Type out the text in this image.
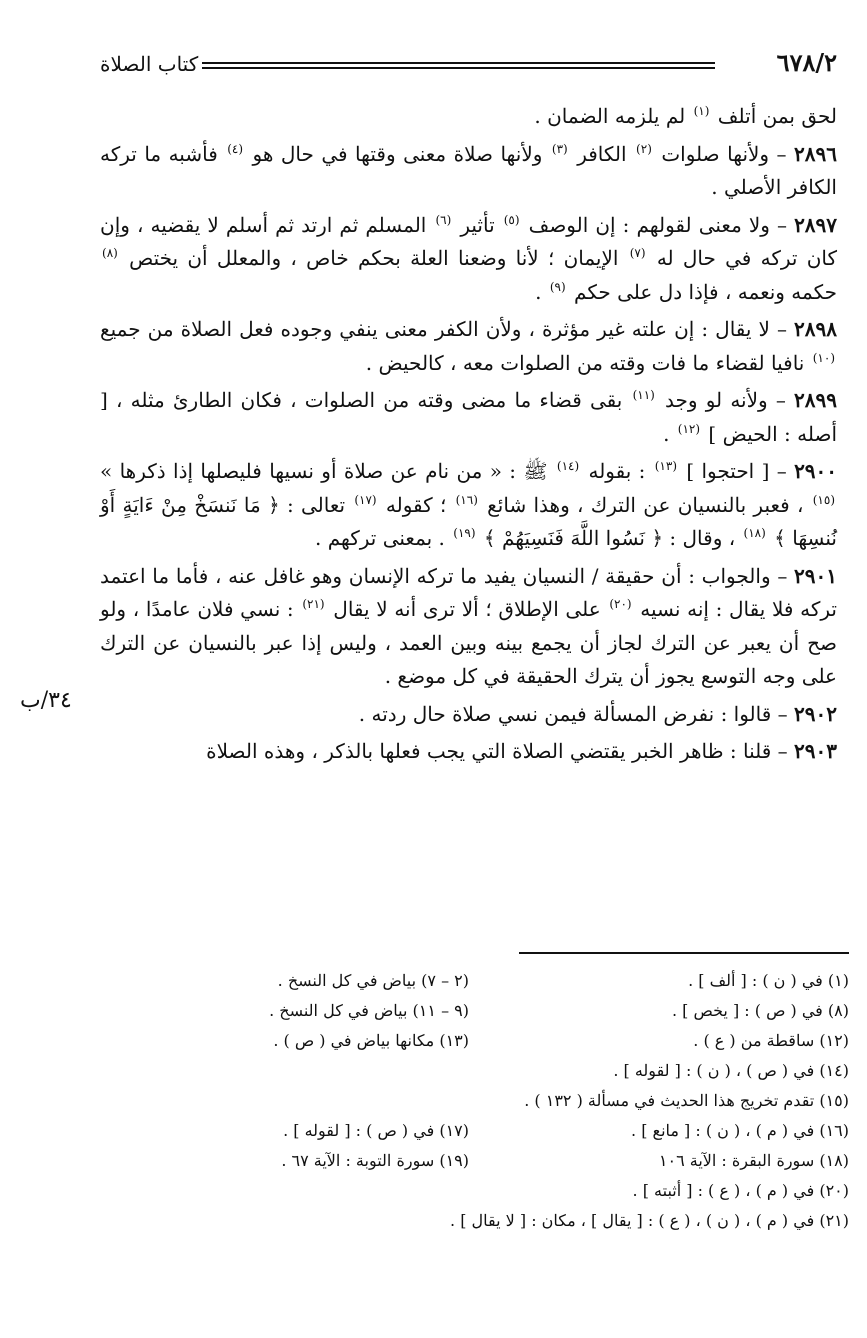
٦٧٨/٢
كتاب الصلاة
٣٤/ب

لحق بمن أتلف $^{(١)}$ لم يلزمه الضمان .

٢٨٩٦ – ولأنها صلوات $^{(٢)}$ الكافر $^{(٣)}$ ولأنها صلاة معنى وقتها في حال هو $^{(٤)}$ فأشبه ما تركه الكافر الأصلي .

٢٨٩٧ – ولا معنى لقولهم : إن الوصف $^{(٥)}$ تأثير $^{(٦)}$ المسلم ثم ارتد ثم أسلم لا يقضيه ، وإن كان تركه في حال له $^{(٧)}$ الإيمان ؛ لأنا وضعنا العلة بحكم خاص ، والمعلل أن يختص $^{(٨)}$ حكمه ونعمه ، فإذا دل على حكم $^{(٩)}$ .

٢٨٩٨ – لا يقال : إن علته غير مؤثرة ، ولأن الكفر معنى ينفي وجوده فعل الصلاة من جميع $^{(١٠)}$ نافيا لقضاء ما فات وقته من الصلوات معه ، كالحيض .

٢٨٩٩ – ولأنه لو وجد $^{(١١)}$ بقى قضاء ما مضى وقته من الصلوات ، فكان الطارئ مثله ، [ أصله : الحيض ] $^{(١٢)}$ .

٢٩٠٠ – [ احتجوا ] $^{(١٣)}$ : بقوله $^{(١٤)}$ ﷺ : « من نام عن صلاة أو نسيها فليصلها إذا ذكرها » $^{(١٥)}$ ، فعبر بالنسيان عن الترك ، وهذا شائع $^{(١٦)}$ ؛ كقوله $^{(١٧)}$ تعالى : ﴿ مَا نَنسَخْ مِنْ ءَايَةٍ أَوْ نُنسِهَا ﴾ $^{(١٨)}$ ، وقال : ﴿ نَسُوا اللَّهَ فَنَسِيَهُمْ ﴾ $^{(١٩)}$ . بمعنى تركهم .

٢٩٠١ – والجواب : أن حقيقة / النسيان يفيد ما تركه الإنسان وهو غافل عنه ، فأما ما اعتمد تركه فلا يقال : إنه نسيه $^{(٢٠)}$ على الإطلاق ؛ ألا ترى أنه لا يقال $^{(٢١)}$ : نسي فلان عامدًا ، ولو صح أن يعبر عن الترك لجاز أن يجمع بينه وبين العمد ، وليس إذا عبر بالنسيان عن الترك على وجه التوسع يجوز أن يترك الحقيقة في كل موضع .

٢٩٠٢ – قالوا : نفرض المسألة فيمن نسي صلاة حال ردته .

٢٩٠٣ – قلنا : ظاهر الخبر يقتضي الصلاة التي يجب فعلها بالذكر ، وهذه الصلاة

(١) في ( ن ) : [ ألف ] .
(٢ – ٧) بياض في كل النسخ .
(٨) في ( ص ) : [ يخص ] .
(٩ – ١١) بياض في كل النسخ .
(١٢) ساقطة من ( ع ) .
(١٣) مكانها بياض في ( ص ) .
(١٤) في ( ص ) ، ( ن ) : [ لقوله ] .
(١٥) تقدم تخريج هذا الحديث في مسألة ( ١٣٢ ) .
(١٦) في ( م ) ، ( ن ) : [ مانع ] .
(١٧) في ( ص ) : [ لقوله ] .
(١٨) سورة البقرة : الآية ١٠٦
(١٩) سورة التوبة : الآية ٦٧ .
(٢٠) في ( م ) ، ( ع ) : [ أثبته ] .
(٢١) في ( م ) ، ( ن ) ، ( ع ) : [ يقال ] ، مكان : [ لا يقال ] .
